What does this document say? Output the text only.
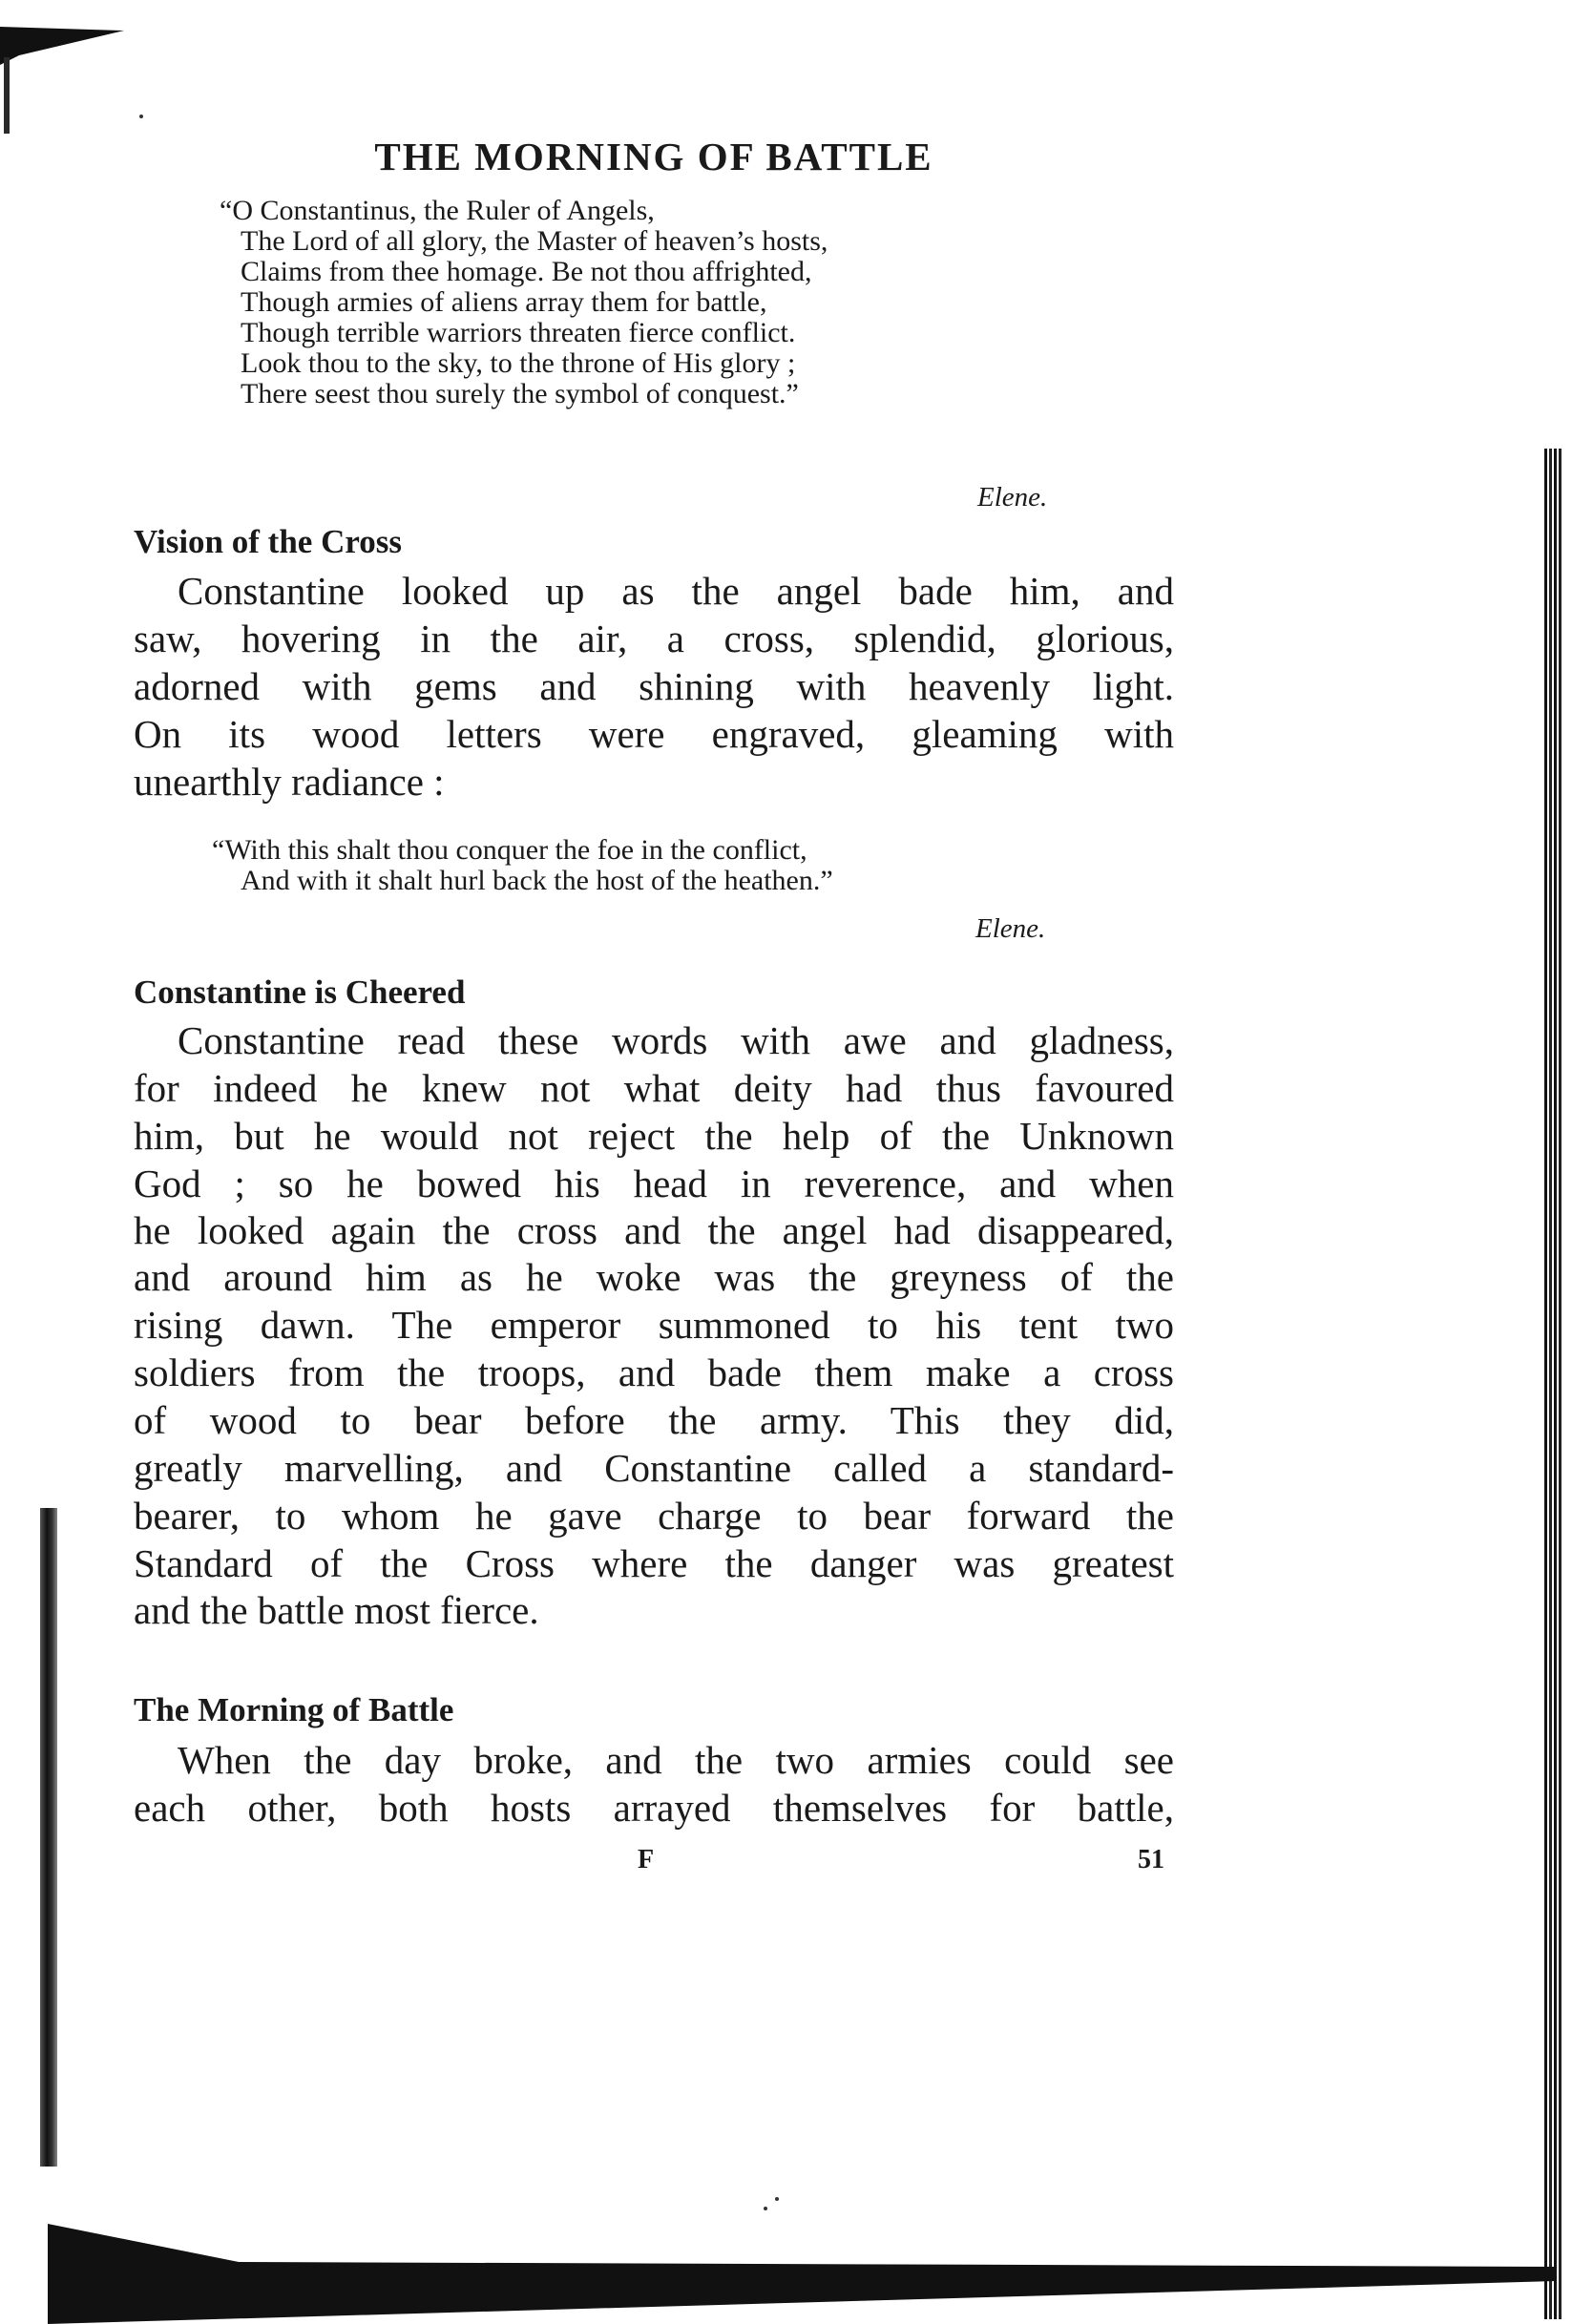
THE MORNING OF BATTLE
“O Constantinus, the Ruler of Angels,
The Lord of all glory, the Master of heaven’s hosts,
Claims from thee homage. Be not thou affrighted,
Though armies of aliens array them for battle,
Though terrible warriors threaten fierce conflict.
Look thou to the sky, to the throne of His glory ;
There seest thou surely the symbol of conquest.”
Elene.
Vision of the Cross
Constantine looked up as the angel bade him, and
saw, hovering in the air, a cross, splendid, glorious,
adorned with gems and shining with heavenly light.
On its wood letters were engraved, gleaming with
unearthly radiance :
“With this shalt thou conquer the foe in the conflict,
And with it shalt hurl back the host of the heathen.”
Elene.
Constantine is Cheered
Constantine read these words with awe and gladness,
for indeed he knew not what deity had thus favoured
him, but he would not reject the help of the Unknown
God ; so he bowed his head in reverence, and when
he looked again the cross and the angel had disappeared,
and around him as he woke was the greyness of the
rising dawn. The emperor summoned to his tent two
soldiers from the troops, and bade them make a cross
of wood to bear before the army. This they did,
greatly marvelling, and Constantine called a standard-
bearer, to whom he gave charge to bear forward the
Standard of the Cross where the danger was greatest
and the battle most fierce.
The Morning of Battle
When the day broke, and the two armies could see
each other, both hosts arrayed themselves for battle,
F	51
